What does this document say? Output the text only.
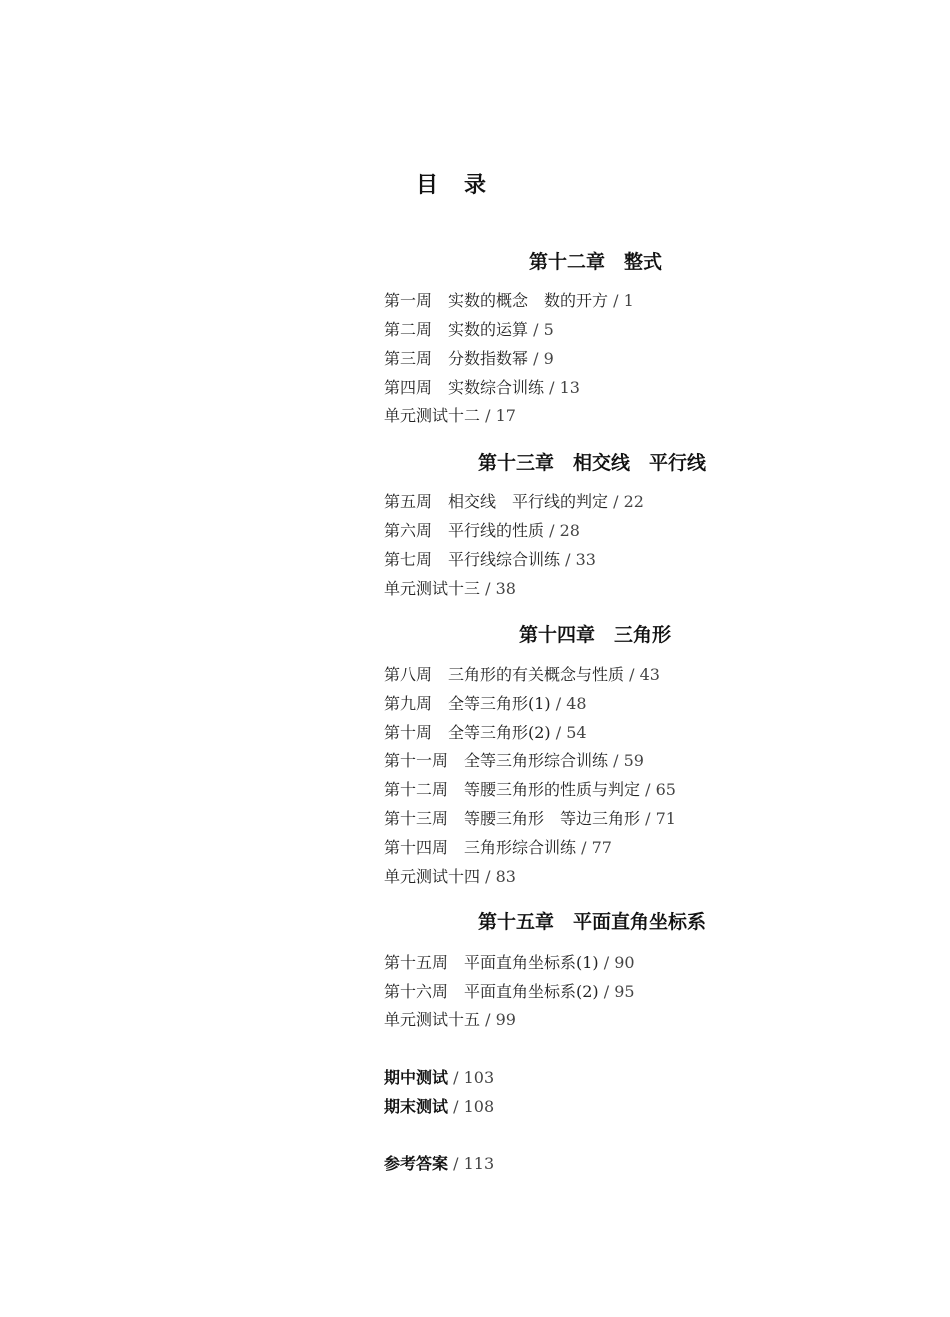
目　录
第十二章　整式
第一周　实数的概念　数的开方 / 1
第二周　实数的运算 / 5
第三周　分数指数幂 / 9
第四周　实数综合训练 / 13
单元测试十二 / 17
第十三章　相交线　平行线
第五周　相交线　平行线的判定 / 22
第六周　平行线的性质 / 28
第七周　平行线综合训练 / 33
单元测试十三 / 38
第十四章　三角形
第八周　三角形的有关概念与性质 / 43
第九周　全等三角形(1) / 48
第十周　全等三角形(2) / 54
第十一周　全等三角形综合训练 / 59
第十二周　等腰三角形的性质与判定 / 65
第十三周　等腰三角形　等边三角形 / 71
第十四周　三角形综合训练 / 77
单元测试十四 / 83
第十五章　平面直角坐标系
第十五周　平面直角坐标系(1) / 90
第十六周　平面直角坐标系(2) / 95
单元测试十五 / 99
期中测试 / 103
期末测试 / 108
参考答案 / 113
